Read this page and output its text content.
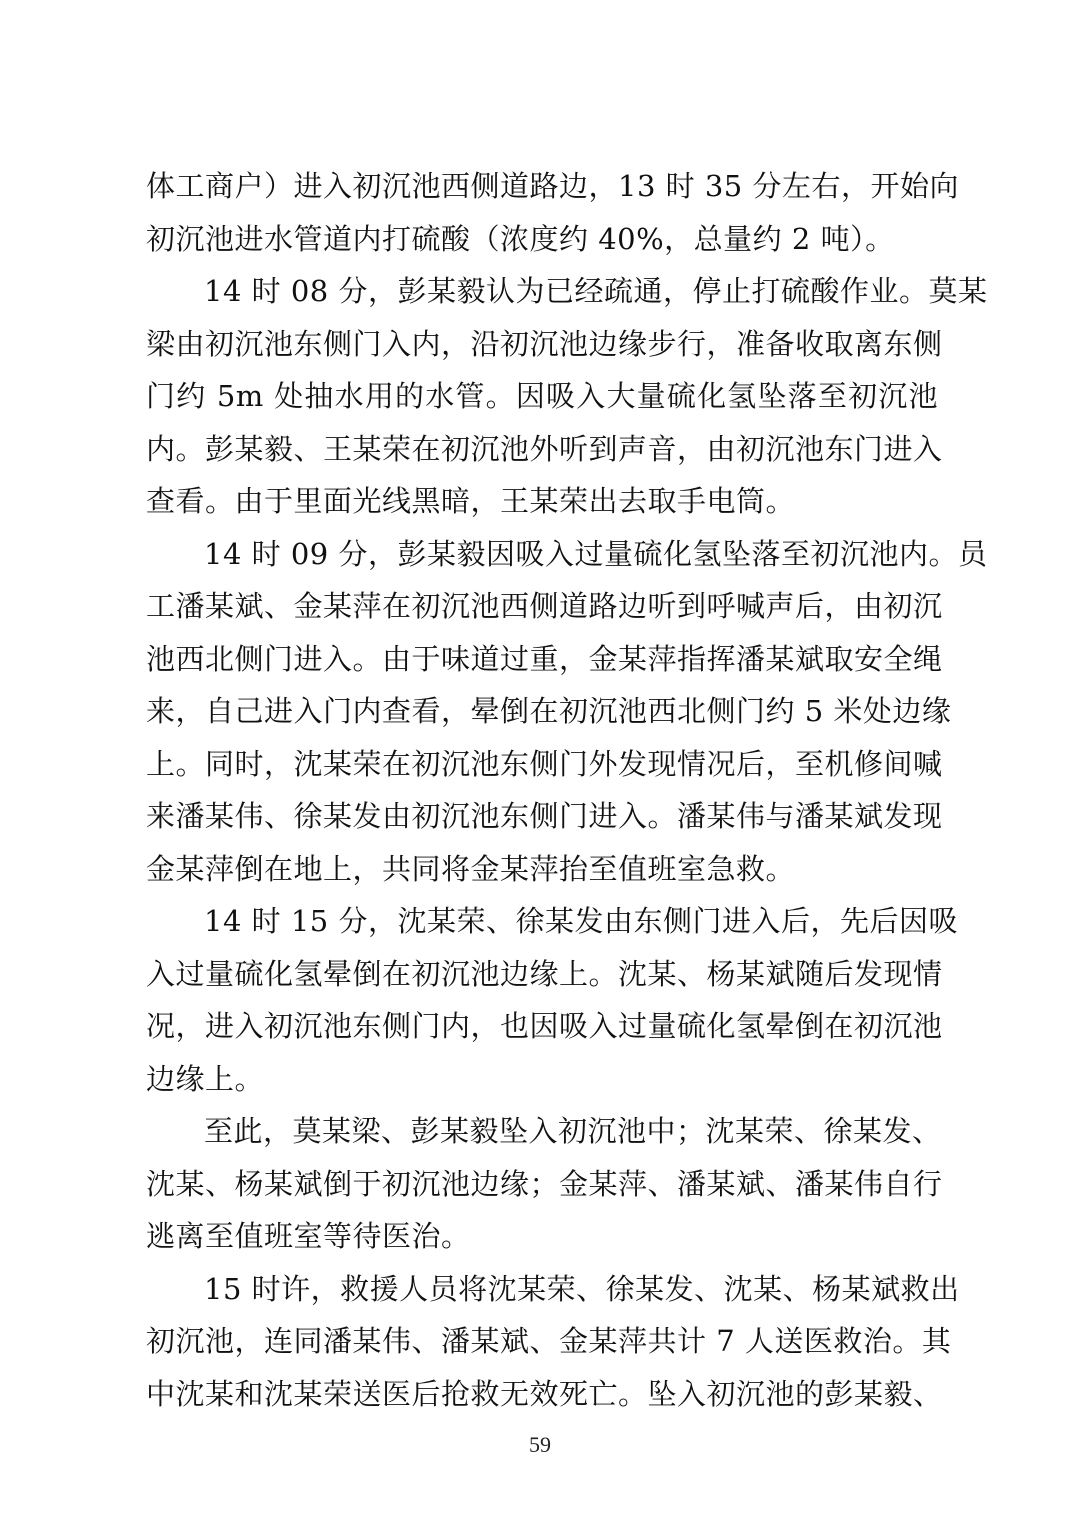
体工商户）进入初沉池西侧道路边，13 时 35 分左右，开始向
初沉池进水管道内打硫酸（浓度约 40%，总量约 2 吨）。
14 时 08 分，彭某毅认为已经疏通，停止打硫酸作业。莫某
梁由初沉池东侧门入内，沿初沉池边缘步行，准备收取离东侧
门约 5m 处抽水用的水管。因吸入大量硫化氢坠落至初沉池
内。彭某毅、王某荣在初沉池外听到声音，由初沉池东门进入
查看。由于里面光线黑暗，王某荣出去取手电筒。
14 时 09 分，彭某毅因吸入过量硫化氢坠落至初沉池内。员
工潘某斌、金某萍在初沉池西侧道路边听到呼喊声后，由初沉
池西北侧门进入。由于味道过重，金某萍指挥潘某斌取安全绳
来，自己进入门内查看，晕倒在初沉池西北侧门约 5 米处边缘
上。同时，沈某荣在初沉池东侧门外发现情况后，至机修间喊
来潘某伟、徐某发由初沉池东侧门进入。潘某伟与潘某斌发现
金某萍倒在地上，共同将金某萍抬至值班室急救。
14 时 15 分，沈某荣、徐某发由东侧门进入后，先后因吸
入过量硫化氢晕倒在初沉池边缘上。沈某、杨某斌随后发现情
况，进入初沉池东侧门内，也因吸入过量硫化氢晕倒在初沉池
边缘上。
至此，莫某梁、彭某毅坠入初沉池中；沈某荣、徐某发、
沈某、杨某斌倒于初沉池边缘；金某萍、潘某斌、潘某伟自行
逃离至值班室等待医治。
15 时许，救援人员将沈某荣、徐某发、沈某、杨某斌救出
初沉池，连同潘某伟、潘某斌、金某萍共计 7 人送医救治。其
中沈某和沈某荣送医后抢救无效死亡。坠入初沉池的彭某毅、
59
